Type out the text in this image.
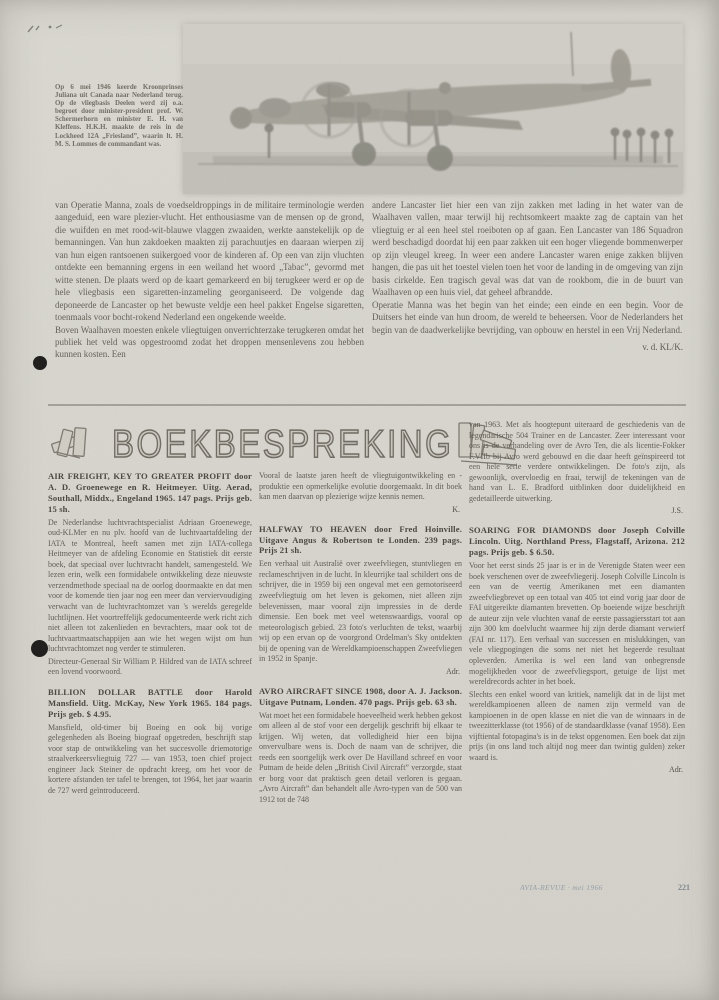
Op 6 mei 1946 keerde Kroonprinses Juliana uit Canada naar Nederland terug. Op de vliegbasis Deelen werd zij o.a. begroet door minister-president prof. W. Schermerhorn en minister E. H. van Kleffens. H.K.H. maakte de reis in de Lockheed 12A „Friesland”, waarin lt. H. M. S. Lommes de commandant was.

van Operatie Manna, zoals de voedseldroppings in de militaire terminologie werden aangeduid, een ware plezier-vlucht. Het enthousiasme van de mensen op de grond, die wuifden en met rood-wit-blauwe vlaggen zwaaiden, werkte aanstekelijk op de bemanningen. Van hun zakdoeken maakten zij parachuutjes en daaraan wierpen zij van hun eigen rantsoenen suikergoed voor de kinderen af. Op een van zijn vluchten ontdekte een bemanning ergens in een weiland het woord „Tabac”, gevormd met witte stenen. De plaats werd op de kaart gemarkeerd en bij terugkeer werd er op de hele vliegbasis een sigaretten-inzameling georganiseerd. De volgende dag deponeerde de Lancaster op het bewuste veldje een heel pakket Engelse sigaretten, toenmaals voor bocht-rokend Nederland een ongekende weelde.

Boven Waalhaven moesten enkele vliegtuigen onverrichterzake terugkeren omdat het publiek het veld was opgestroomd zodat het droppen mensenlevens zou hebben kunnen kosten. Een

andere Lancaster liet hier een van zijn zakken met lading in het water van de Waalhaven vallen, maar terwijl hij rechtsomkeert maakte zag de captain van het vliegtuig er al een heel stel roeiboten op af gaan. Een Lancaster van 186 Squadron werd beschadigd doordat hij een paar zakken uit een hoger vliegende bommenwerper op zijn vleugel kreeg. In weer een andere Lancaster waren enige zakken blijven hangen, die pas uit het toestel vielen toen het voor de landing in de omgeving van zijn basis cirkelde. Een tragisch geval was dat van de rookbom, die in de buurt van Waalhaven op een huis viel, dat geheel afbrandde.

Operatie Manna was het begin van het einde; een einde en een begin. Voor de Duitsers het einde van hun droom, de wereld te beheersen. Voor de Nederlanders het begin van de daadwerkelijke bevrijding, van opbouw en herstel in een Vrij Nederland.

v. d. KL/K.
BOEKBESPREKING
AIR FREIGHT, KEY TO GREATER PROFIT door A. D. Groenewege en R. Heitmeyer. Uitg. Aerad, Southall, Middx., Engeland 1965. 147 pags. Prijs geb. 15 sh.

De Nederlandse luchtvrachtspecialist Adriaan Groenewege, oud-KLMer en nu plv. hoofd van de luchtvaartafdeling der IATA te Montreal, heeft samen met zijn IATA-collega Heitmeyer van de afdeling Economie en Statistiek dit eerste boek, dat speciaal over luchtvracht handelt, samengesteld. We lezen erin, welk een formidabele ontwikkeling deze nieuwste verzendmethode speciaal na de oorlog doormaakte en dat men voor de komende tien jaar nog een meer dan verviervoudiging verwacht van de luchtvrachtomzet van 's werelds geregelde luchtlijnen. Het voortreffelijk gedocumenteerde werk richt zich niet alleen tot zakenlieden en bevrachters, maar ook tot de luchtvaartmaatschappijen aan wie het wegen wijst om hun luchtvrachtomzet nog verder te stimuleren.

Directeur-Generaal Sir William P. Hildred van de IATA schreef een lovend voorwoord.

BILLION DOLLAR BATTLE door Harold Mansfield. Uitg. McKay, New York 1965. 184 pags. Prijs geb. $ 4.95.

Mansfield, old-timer bij Boeing en ook bij vorige gelegenheden als Boeing biograaf opgetreden, beschrijft stap voor stap de ontwikkeling van het succesvolle driemotorige straalverkeersvliegtuig 727 — van 1953, toen chief project engineer Jack Steiner de opdracht kreeg, om het voor de kortere afstanden ter tafel te brengen, tot 1964, het jaar waarin de 727 werd geïntroduceerd.

Vooral de laatste jaren heeft de vliegtuigontwikkeling en -produktie een opmerkelijke evolutie doorgemaakt. In dit boek kan men daarvan op plezierige wijze kennis nemen.

K.
HALFWAY TO HEAVEN door Fred Hoinville. Uitgave Angus & Robertson te Londen. 239 pags. Prijs 21 sh.

Een verhaal uit Australië over zweefvliegen, stuntvliegen en reclameschrijven in de lucht. In kleurrijke taal schildert ons de schrijver, die in 1959 bij een ongeval met een gemotoriseerd zweefvliegtuig om het leven is gekomen, niet alleen zijn belevenissen, maar vooral zijn impressies in de derde dimensie. Een boek met veel wetenswaardigs, vooral op meteorologisch gebied. 23 foto's verluchten de tekst, waarbij wij op een ervan op de voorgrond Ordelman's Sky ontdekten bij de opening van de Wereldkampioenschappen Zweefvliegen in 1952 in Spanje.

Adr.
AVRO AIRCRAFT SINCE 1908, door A. J. Jackson. Uitgave Putnam, Londen. 470 pags. Prijs geb. 63 sh.

Wat moet het een formidabele hoeveelheid werk hebben gekost om alleen al de stof voor een dergelijk geschrift bij elkaar te krijgen. Wij weten, dat volledigheid hier een bijna onvervulbare wens is. Doch de naam van de schrijver, die reeds een soortgelijk werk over De Havilland schreef en voor Putnam de beide delen „British Civil Aircraft” verzorgde, staat er borg voor dat praktisch geen detail verloren is gegaan. „Avro Aircraft” dan behandelt alle Avro-typen van de 500 van 1912 tot de 748

van 1963. Met als hoogtepunt uiteraard de geschiedenis van de legendarische 504 Trainer en de Lancaster. Zeer interessant voor ons is de verhandeling over de Avro Ten, die als licentie-Fokker F.VIIb bij Avro werd gebouwd en die daar heeft geïnspireerd tot een hele serie verdere ontwikkelingen. De foto's zijn, als gewoonlijk, overvloedig en fraai, terwijl de tekeningen van de hand van L. E. Bradford uitblinken door duidelijkheid en gedetailleerde uitwerking.

J.S.
SOARING FOR DIAMONDS door Joseph Colville Lincoln. Uitg. Northland Press, Flagstaff, Arizona. 212 pags. Prijs geb. $ 6.50.

Voor het eerst sinds 25 jaar is er in de Verenigde Staten weer een boek verschenen over de zweefvliegerij. Joseph Colville Lincoln is een van de veertig Amerikanen met een diamanten zweefvliegbrevet op een totaal van 405 tot eind vorig jaar door de FAI uitgereikte diamanten brevetten. Op boeiende wijze beschrijft de auteur zijn vele vluchten vanaf de eerste passagiersstart tot aan zijn 300 km doelvlucht waarmee hij zijn derde diamant verwierf (FAI nr. 117). Een verhaal van successen en mislukkingen, van vele vliegpogingen die soms net niet het begeerde resultaat opleverden. Amerika is wel een land van onbegrensde mogelijkheden voor de zweefvliegsport, getuige de lijst met wereldrecords achter in het boek.

Slechts een enkel woord van kritiek, namelijk dat in de lijst met wereldkampioenen alleen de namen zijn vermeld van de kampioenen in de open klasse en niet die van de winnaars in de tweezitterklasse (tot 1956) of de standaardklasse (vanaf 1958). Een vijftiental fotopagina's is in de tekst opgenomen. Een boek dat zijn prijs (in ons land toch altijd nog meer dan twintig gulden) zeker waard is.

Adr.
AVIA-REVUE · mei 1966	221
